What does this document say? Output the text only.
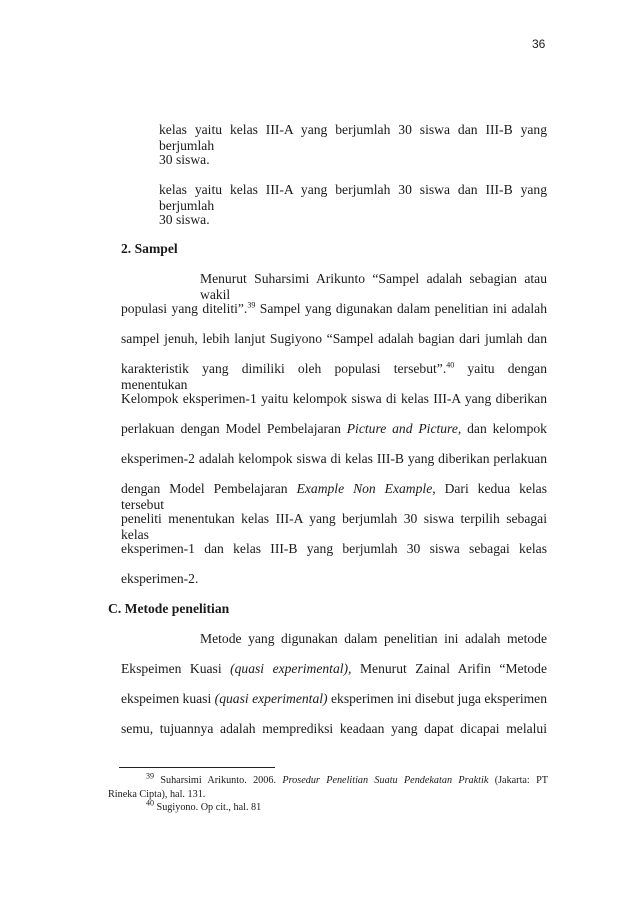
36
kelas yaitu kelas III-A yang berjumlah 30 siswa dan III-B yang berjumlah
30 siswa.
kelas yaitu kelas III-A yang berjumlah 30 siswa dan III-B yang berjumlah
30 siswa.
2. Sampel
Menurut Suharsimi Arikunto “Sampel adalah sebagian atau wakil
populasi yang diteliti”.$^{39}$ Sampel yang digunakan dalam penelitian ini adalah
sampel jenuh, lebih lanjut Sugiyono “Sampel adalah bagian dari jumlah dan
karakteristik yang dimiliki oleh populasi tersebut”.$^{40}$ yaitu dengan menentukan
Kelompok eksperimen-1 yaitu kelompok siswa di kelas III-A yang diberikan
perlakuan dengan Model Pembelajaran Picture and Picture, dan kelompok
eksperimen-2 adalah kelompok siswa di kelas III-B yang diberikan perlakuan
dengan Model Pembelajaran Example Non Example, Dari kedua kelas tersebut
peneliti menentukan kelas III-A yang berjumlah 30 siswa terpilih sebagai kelas
eksperimen-1 dan kelas III-B yang berjumlah 30 siswa sebagai kelas
eksperimen-2.
C. Metode penelitian
Metode yang digunakan dalam penelitian ini adalah metode
Ekspeimen Kuasi (quasi experimental), Menurut Zainal Arifin “Metode
ekspeimen kuasi (quasi experimental) eksperimen ini disebut juga eksperimen
semu, tujuannya adalah memprediksi keadaan yang dapat dicapai melalui
$^{39}$ Suharsimi Arikunto. 2006. Prosedur Penelitian Suatu Pendekatan Praktik (Jakarta: PT
Rineka Cipta), hal. 131.
$^{40}$ Sugiyono. Op cit., hal. 81
